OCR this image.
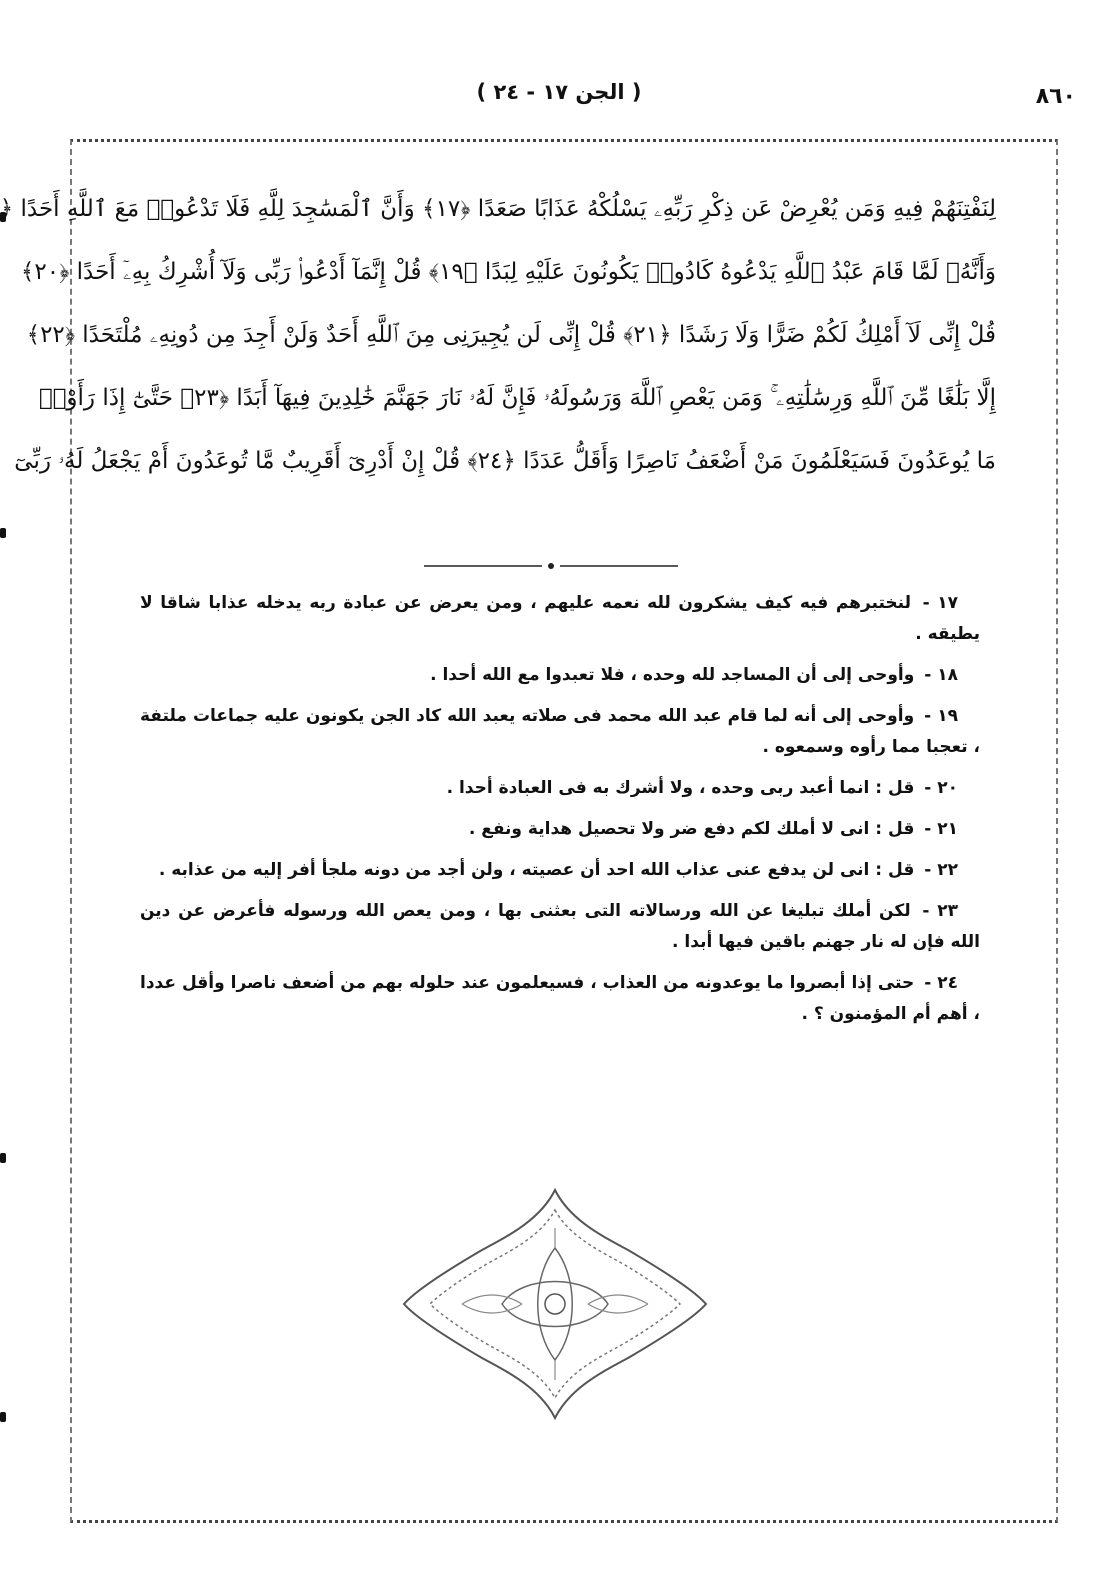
٨٦٠
( الجن ١٧ - ٢٤ )
لِنَفْتِنَهُمْ فِيهِ وَمَن يُعْرِضْ عَن ذِكْرِ رَبِّهِۦ يَسْلُكْهُ عَذَابًا صَعَدًا ﴿١٧﴾ وَأَنَّ ٱلْمَسَٰجِدَ لِلَّهِ فَلَا تَدْعُوا۟ مَعَ ٱللَّهِ أَحَدًا ﴿
وَأَنَّهُۥ لَمَّا قَامَ عَبْدُ ٱللَّهِ يَدْعُوهُ كَادُوا۟ يَكُونُونَ عَلَيْهِ لِبَدًا ﴿١٩﴾ قُلْ إِنَّمَآ أَدْعُوا۟ رَبِّى وَلَآ أُشْرِكُ بِهِۦٓ أَحَدًا ﴿٢٠﴾
قُلْ إِنِّى لَآ أَمْلِكُ لَكُمْ ضَرًّا وَلَا رَشَدًا ﴿٢١﴾ قُلْ إِنِّى لَن يُجِيرَنِى مِنَ ٱللَّهِ أَحَدٌ وَلَنْ أَجِدَ مِن دُونِهِۦ مُلْتَحَدًا ﴿٢٢﴾
إِلَّا بَلَٰغًا مِّنَ ٱللَّهِ وَرِسَٰلَٰتِهِۦ ۚ وَمَن يَعْصِ ٱللَّهَ وَرَسُولَهُۥ فَإِنَّ لَهُۥ نَارَ جَهَنَّمَ خَٰلِدِينَ فِيهَآ أَبَدًا ﴿٢٣﴾ حَتَّىٰٓ إِذَا رَأَوْا۟
مَا يُوعَدُونَ فَسَيَعْلَمُونَ مَنْ أَضْعَفُ نَاصِرًا وَأَقَلُّ عَدَدًا ﴿٢٤﴾ قُلْ إِنْ أَدْرِىٓ أَقَرِيبٌ مَّا تُوعَدُونَ أَمْ يَجْعَلُ لَهُۥ رَبِّىٓ

١٧ - لنختبرهم فيه كيف يشكرون لله نعمه عليهم ، ومن يعرض عن عبادة ربه يدخله عذابا شاقا لا يطيقه .

١٨ - وأوحى إلى أن المساجد لله وحده ، فلا تعبدوا مع الله أحدا .

١٩ - وأوحى إلى أنه لما قام عبد الله محمد فى صلاته يعبد الله كاد الجن يكونون عليه جماعات ملتفة ، تعجبا مما رأوه وسمعوه .

٢٠ - قل : انما أعبد ربى وحده ، ولا أشرك به فى العبادة أحدا .

٢١ - قل : انى لا أملك لكم دفع ضر ولا تحصيل هداية ونفع .

٢٢ - قل : انى لن يدفع عنى عذاب الله احد أن عصيته ، ولن أجد من دونه ملجأ أفر إليه من عذابه .

٢٣ - لكن أملك تبليغا عن الله ورسالاته التى بعثنى بها ، ومن يعص الله ورسوله فأعرض عن دين الله فإن له نار جهنم باقين فيها أبدا .

٢٤ - حتى إذا أبصروا ما يوعدونه من العذاب ، فسيعلمون عند حلوله بهم من أضعف ناصرا وأقل عددا ، أهم أم المؤمنون ؟ .
